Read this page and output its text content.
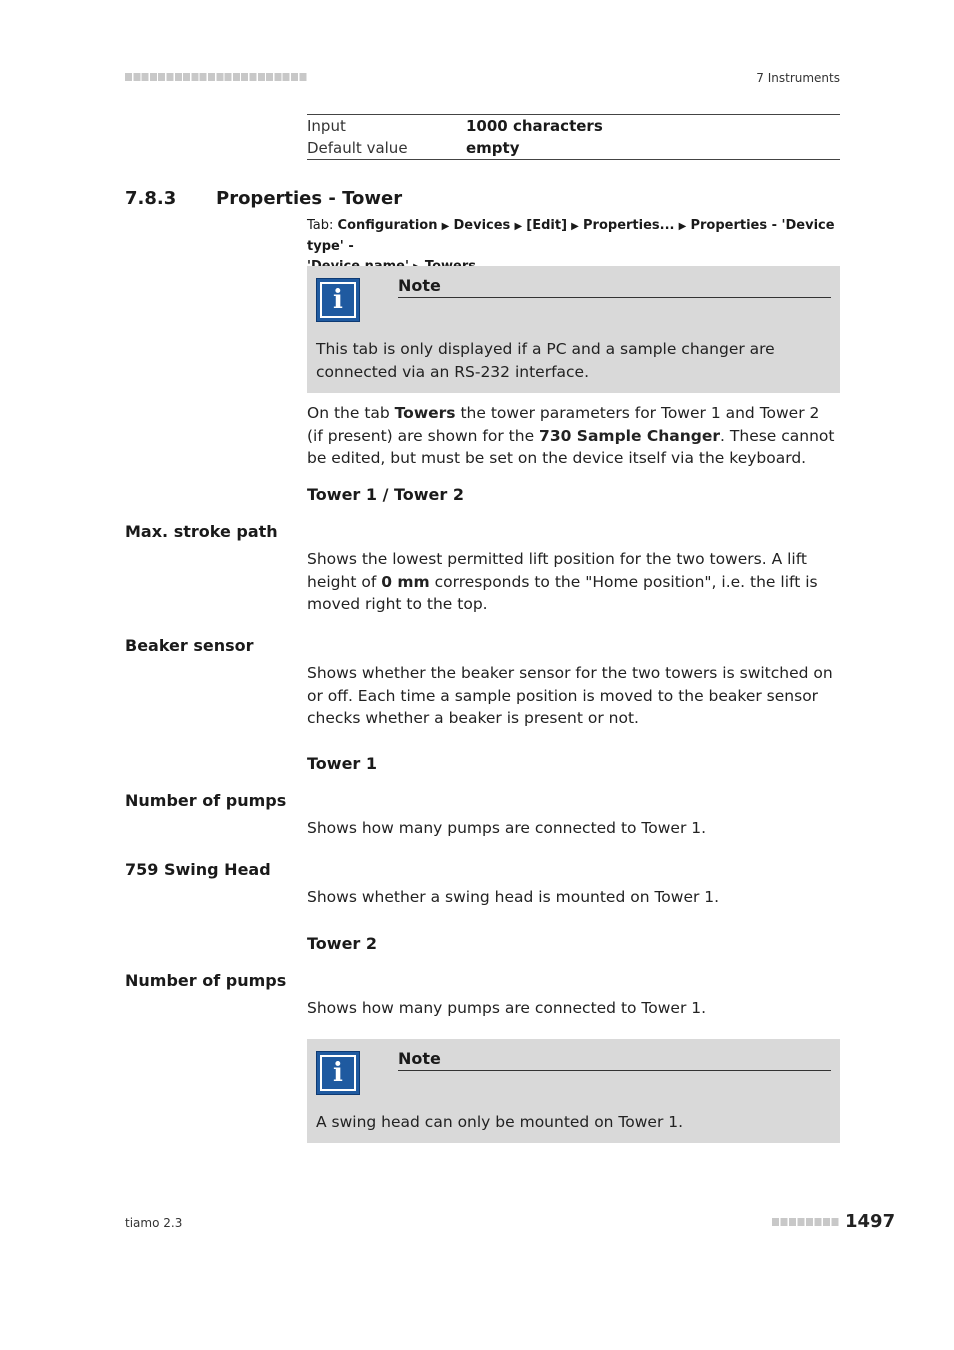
7 Instruments
Input	1000 characters
Default value	empty
7.8.3 Properties - Tower
Tab: Configuration ▶ Devices ▶ [Edit] ▶ Properties... ▶ Properties - 'Device type' -

i	Note
This tab is only displayed if a PC and a sample changer are connected via an RS-232 interface.
On the tab Towers the tower parameters for Tower 1 and Tower 2 (if present) are shown for the 730 Sample Changer. These cannot be edited, but must be set on the device itself via the keyboard.
Tower 1 / Tower 2
Max. stroke path
Shows the lowest permitted lift position for the two towers. A lift height of 0 mm corresponds to the "Home position", i.e. the lift is moved right to the top.
Beaker sensor
Shows whether the beaker sensor for the two towers is switched on or off. Each time a sample position is moved to the beaker sensor checks whether a beaker is present or not.
Tower 1
Number of pumps
Shows how many pumps are connected to Tower 1.
759 Swing Head
Shows whether a swing head is mounted on Tower 1.
Tower 2
Number of pumps
Shows how many pumps are connected to Tower 1.
i	Note
A swing head can only be mounted on Tower 1.
tiamo 2.3	1497
